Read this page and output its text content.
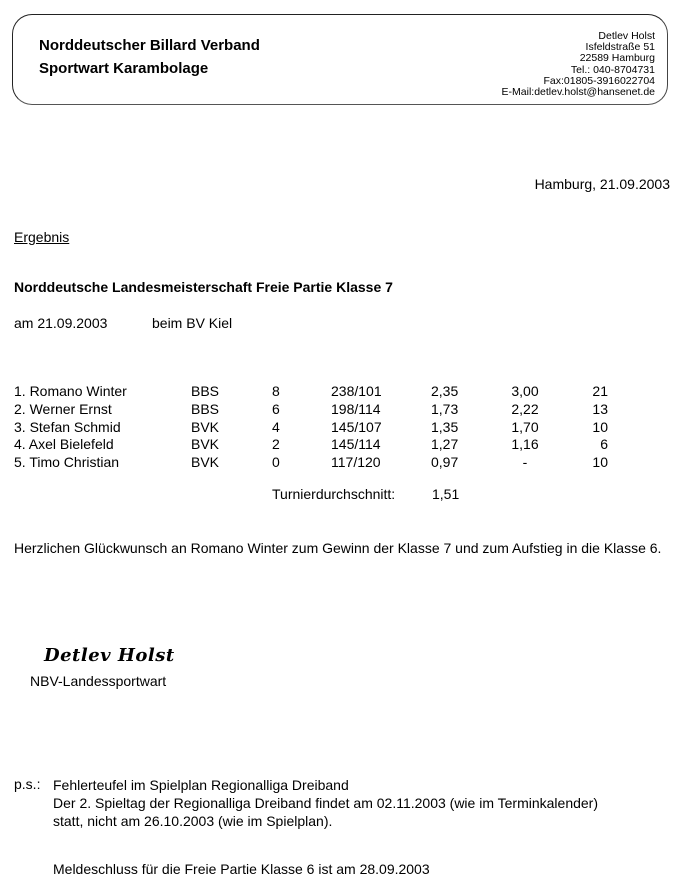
Norddeutscher Billard Verband
Sportwart Karambolage
Detlev Holst
Isfeldstraße 51
22589 Hamburg
Tel.: 040-8704731
Fax:01805-3916022704
E-Mail:detlev.holst@hansenet.de
Hamburg, 21.09.2003
Ergebnis
Norddeutsche Landesmeisterschaft Freie Partie Klasse 7
am 21.09.2003	beim BV Kiel
1. Romano Winter	BBS	8	238/101	2,35	3,00	21
2. Werner Ernst	BBS	6	198/114	1,73	2,22	13
3. Stefan Schmid	BVK	4	145/107	1,35	1,70	10
4. Axel Bielefeld	BVK	2	145/114	1,27	1,16	6
5. Timo Christian	BVK	0	117/120	0,97	-	10
Turnierdurchschnitt:	1,51
Herzlichen Glückwunsch an Romano Winter zum Gewinn der Klasse 7 und zum Aufstieg in die Klasse 6.
Detlev Holst
NBV-Landessportwart
p.s.: Fehlerteufel im Spielplan Regionalliga Dreiband
Der 2. Spieltag der Regionalliga Dreiband findet am 02.11.2003 (wie im Terminkalender)
statt, nicht am 26.10.2003 (wie im Spielplan).
Meldeschluss für die Freie Partie Klasse 6 ist am 28.09.2003
